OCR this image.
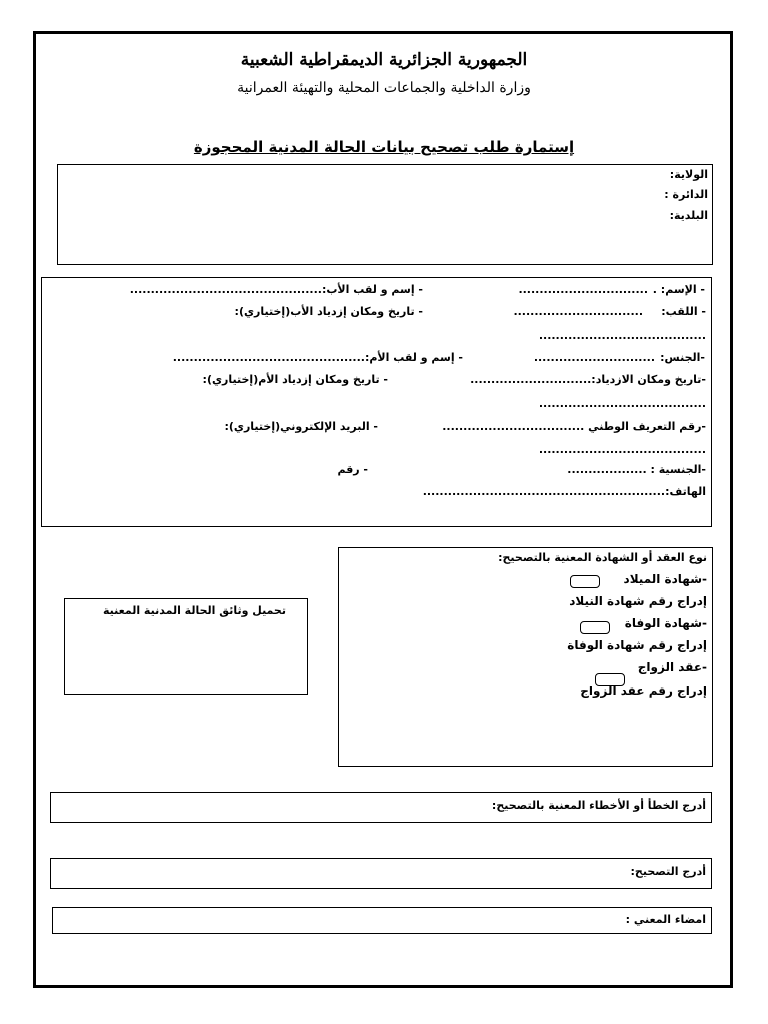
الجمهورية الجزائرية الديمقراطية الشعبية
وزارة الداخلية والجماعات المحلية والتهيئة العمرانية
إستمارة طلب تصحيح بيانات الحالة المدنية المحجوزة
الولاية:
الدائرة :
البلدية:
- الإسم: .
...............................
- إسم و لقب الأب:..............................................
- اللقب:
...............................
- تاريخ ومكان إزدياد الأب(إختياري):
........................................
-الجنس:
.............................
- إسم و لقب الأم:..............................................
-تاريخ ومكان الازدياد:.............................
- تاريخ ومكان إزدياد الأم(إختياري):
........................................
-رقم التعريف الوطني ..................................
- البريد الإلكتروني(إختياري):
........................................
-الجنسية : ...................
- رقم
الهاتف:..........................................................
نوع العقد أو الشهادة المعنية بالتصحيح:
-شهادة الميلاد
إدراج رقم شهادة النيلاد
-شهادة الوفاة
إدراج رقم شهادة الوفاة
-عقد الزواج
إدراج رقم عقد الزواج
تحميل وثائق الحالة المدنية المعنية
أدرج الخطأ أو الأخطاء المعنية بالتصحيح:
أدرج التصحيح:
امضاء المعني :
